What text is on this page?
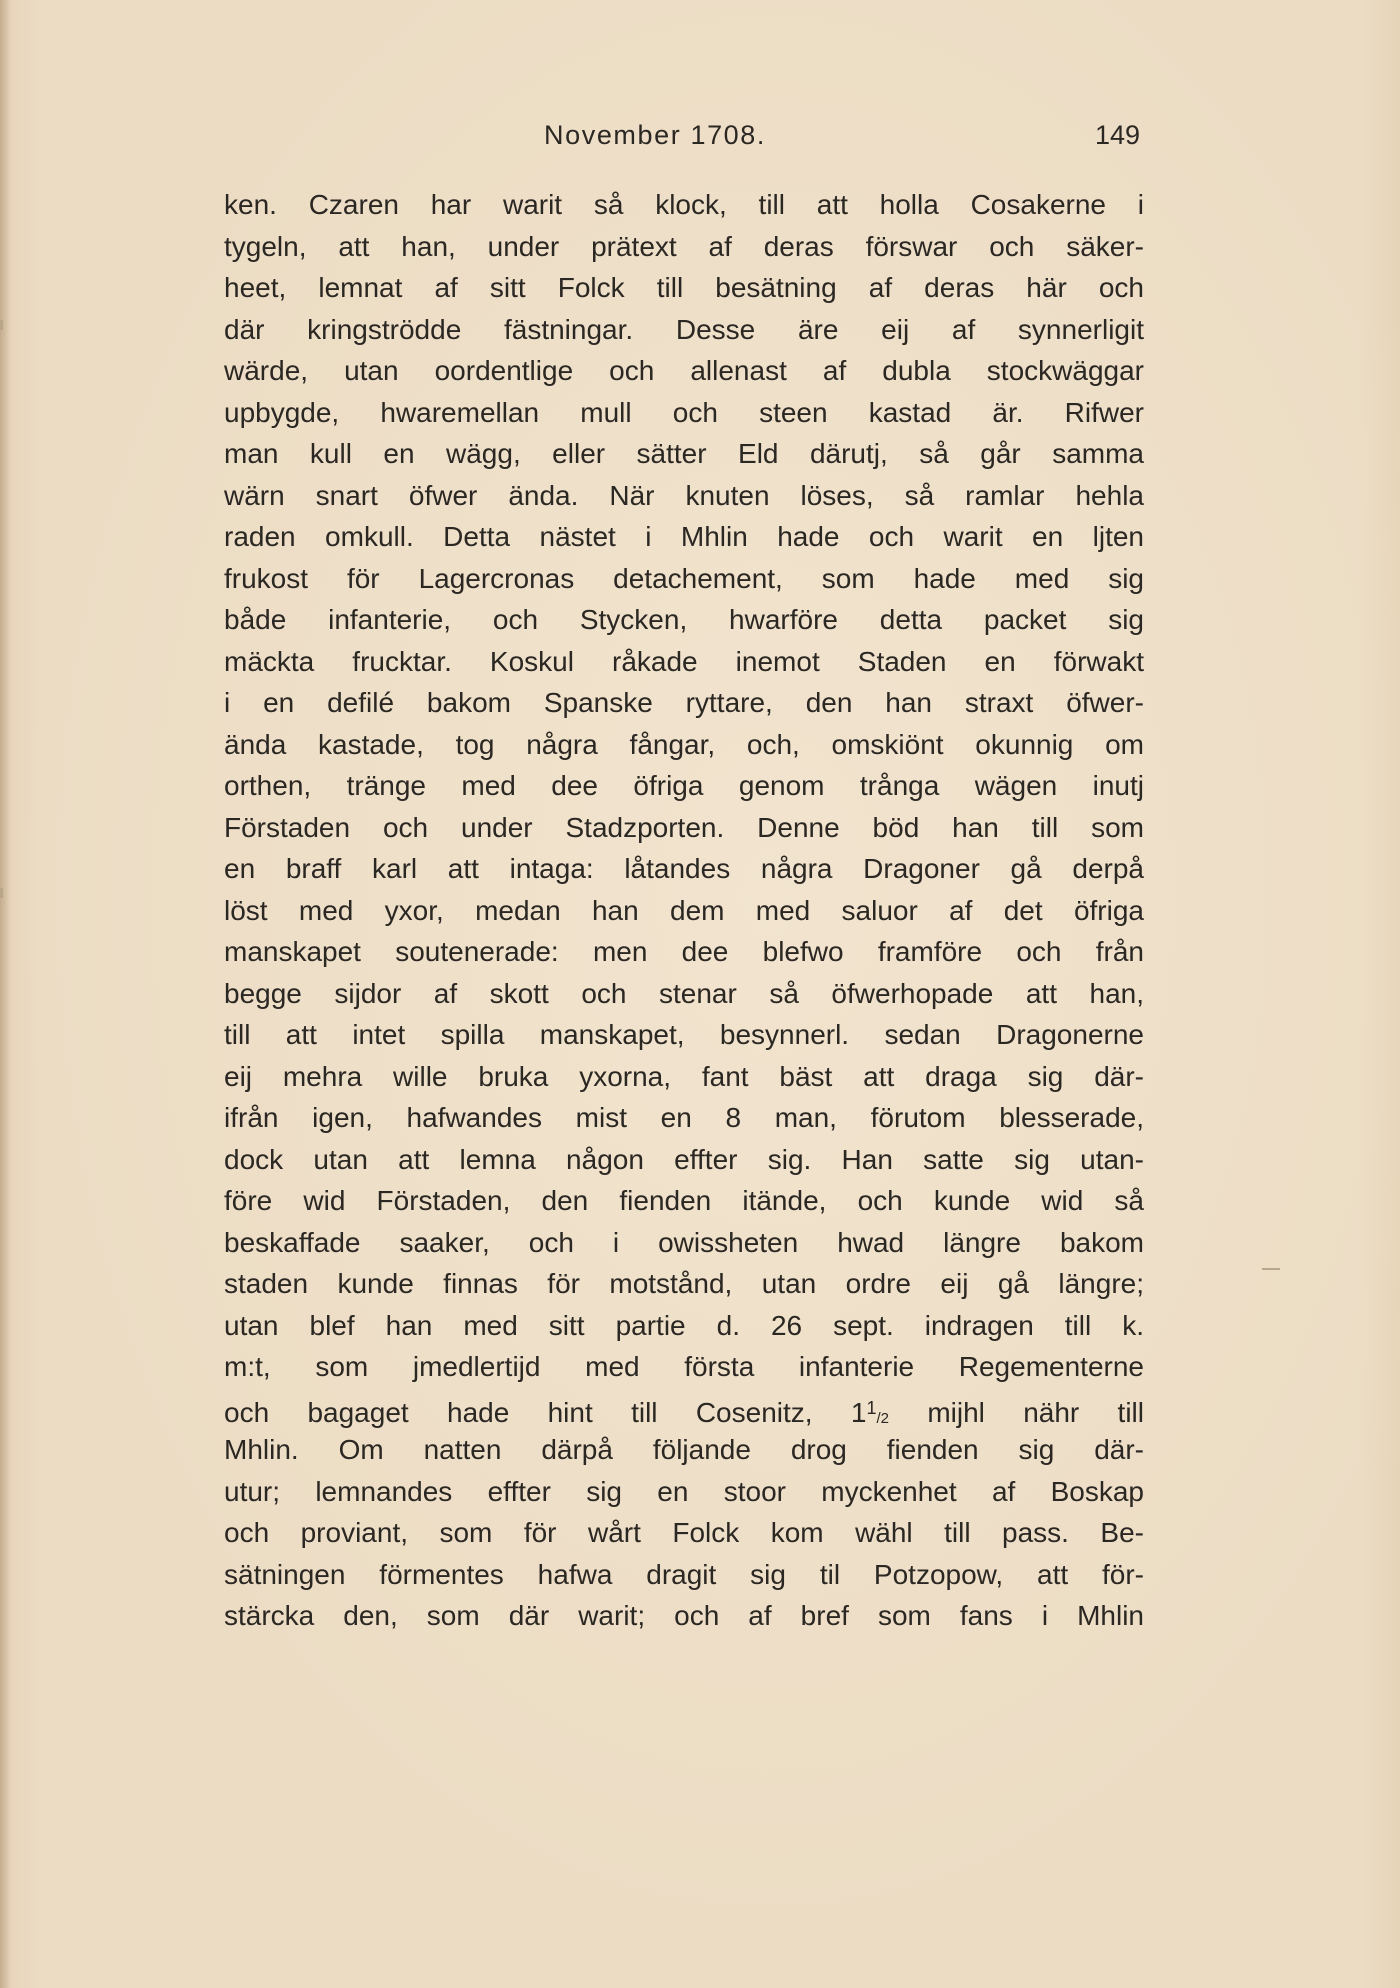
November 1708.	149
ken. Czaren har warit så klock, till att holla Cosakerne i
tygeln, att han, under prätext af deras förswar och säker-
heet, lemnat af sitt Folck till besätning af deras här och
där kringströdde fästningar. Desse äre eij af synnerligit
wärde, utan oordentlige och allenast af dubla stockwäggar
upbygde, hwaremellan mull och steen kastad är. Rifwer
man kull en wägg, eller sätter Eld därutj, så går samma
wärn snart öfwer ända. När knuten löses, så ramlar hehla
raden omkull. Detta nästet i Mhlin hade och warit en ljten
frukost för Lagercronas detachement, som hade med sig
både infanterie, och Stycken, hwarföre detta packet sig
mäckta frucktar. Koskul råkade inemot Staden en förwakt
i en defilé bakom Spanske ryttare, den han straxt öfwer-
ända kastade, tog några fångar, och, omskiönt okunnig om
orthen, tränge med dee öfriga genom trånga wägen inutj
Förstaden och under Stadzporten. Denne böd han till som
en braff karl att intaga: låtandes några Dragoner gå derpå
löst med yxor, medan han dem med saluor af det öfriga
manskapet souteneradе: men dee blefwo framföre och från
begge sijdor af skott och stenar så öfwerhopade att han,
till att intet spilla manskapet, besynnerl. sedan Dragonerne
eij mehra wille bruka yxorna, fant bäst att draga sig där-
ifrån igen, hafwandes mist en 8 man, förutom blesserade,
dock utan att lemna någon effter sig. Han satte sig utan-
före wid Förstaden, den fienden itände, och kunde wid så
beskaffade saaker, och i owissheten hwad längre bakom
staden kunde finnas för motstånd, utan ordre eij gå längre;
utan blef han med sitt partie d. 26 sept. indragen till k.
m:t, som jmedlertijd med första infanterie Regementerne
och bagaget hade hint till Cosenitz, $1^1/2$ mijhl nähr till
Mhlin. Om natten därpå följande drog fienden sig där-
utur; lemnandes effter sig en stoor myckenhet af Boskap
och proviant, som för wårt Folck kom wähl till pass. Be-
sätningen förmentes hafwa dragit sig til Potzopow, att för-
stärcka den, som där warit; och af bref som fans i Mhlin
